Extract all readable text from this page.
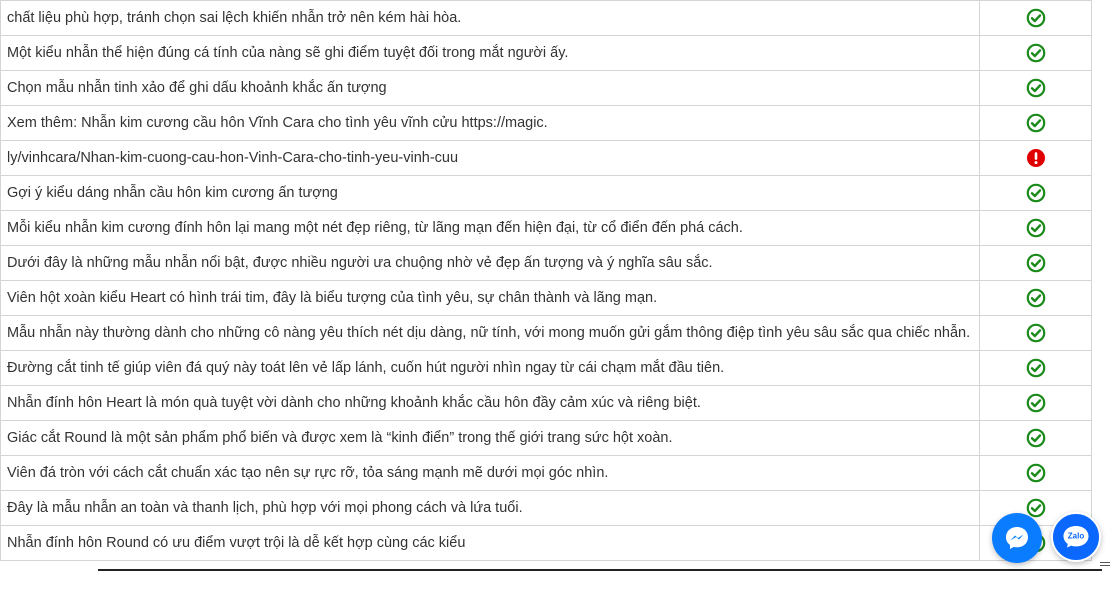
chất liệu phù hợp, tránh chọn sai lệch khiến nhẫn trở nên kém hài hòa.	
Một kiểu nhẫn thể hiện đúng cá tính của nàng sẽ ghi điểm tuyệt đối trong mắt người ấy.	
Chọn mẫu nhẫn tinh xảo để ghi dấu khoảnh khắc ấn tượng	
Xem thêm: Nhẫn kim cương cầu hôn Vĩnh Cara cho tình yêu vĩnh cửu https://magic.	
ly/vinhcara/Nhan-kim-cuong-cau-hon-Vinh-Cara-cho-tinh-yeu-vinh-cuu	
Gợi ý kiểu dáng nhẫn cầu hôn kim cương ấn tượng	
Mỗi kiểu nhẫn kim cương đính hôn lại mang một nét đẹp riêng, từ lãng mạn đến hiện đại, từ cổ điển đến phá cách.	
Dưới đây là những mẫu nhẫn nổi bật, được nhiều người ưa chuộng nhờ vẻ đẹp ấn tượng và ý nghĩa sâu sắc.	
Viên hột xoàn kiểu Heart có hình trái tim, đây là biểu tượng của tình yêu, sự chân thành và lãng mạn.	
Mẫu nhẫn này thường dành cho những cô nàng yêu thích nét dịu dàng, nữ tính, với mong muốn gửi gắm thông điệp tình yêu sâu sắc qua chiếc nhẫn.	
Đường cắt tinh tế giúp viên đá quý này toát lên vẻ lấp lánh, cuốn hút người nhìn ngay từ cái chạm mắt đầu tiên.	
Nhẫn đính hôn Heart là món quà tuyệt vời dành cho những khoảnh khắc cầu hôn đầy cảm xúc và riêng biệt.	
Giác cắt Round là một sản phẩm phổ biến và được xem là “kinh điển” trong thế giới trang sức hột xoàn.	
Viên đá tròn với cách cắt chuẩn xác tạo nên sự rực rỡ, tỏa sáng mạnh mẽ dưới mọi góc nhìn.	
Đây là mẫu nhẫn an toàn và thanh lịch, phù hợp với mọi phong cách và lứa tuổi.	
Nhẫn đính hôn Round có ưu điểm vượt trội là dễ kết hợp cùng các kiểu		Zalo
